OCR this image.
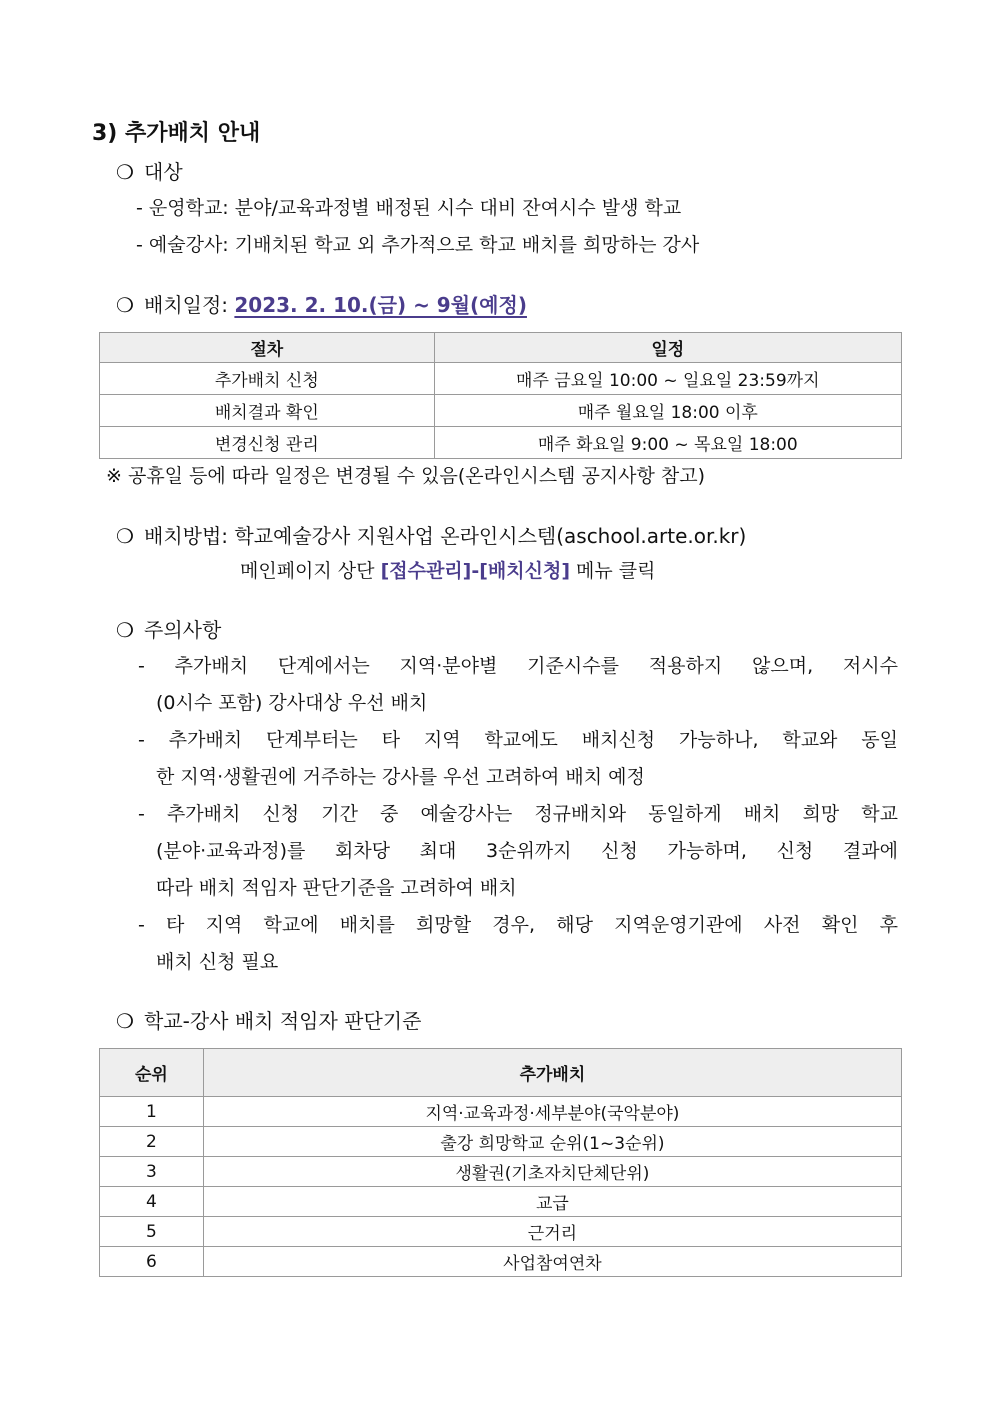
3) 추가배치 안내
❍ 대상
- 운영학교: 분야/교육과정별 배정된 시수 대비 잔여시수 발생 학교
- 예술강사: 기배치된 학교 외 추가적으로 학교 배치를 희망하는 강사
❍ 배치일정: 2023. 2. 10.(금) ~ 9월(예정)
절차	일정
추가배치 신청	매주 금요일 10:00 ~ 일요일 23:59까지
배치결과 확인	매주 월요일 18:00 이후
변경신청 관리	매주 화요일 9:00 ~ 목요일 18:00
※ 공휴일 등에 따라 일정은 변경될 수 있음(온라인시스템 공지사항 참고)
❍ 배치방법: 학교예술강사 지원사업 온라인시스템(aschool.arte.or.kr)
메인페이지 상단 [접수관리]-[배치신청] 메뉴 클릭
❍ 주의사항
- 추가배치 단계에서는 지역·분야별 기준시수를 적용하지 않으며, 저시수
(0시수 포함) 강사대상 우선 배치
- 추가배치 단계부터는 타 지역 학교에도 배치신청 가능하나, 학교와 동일
한 지역·생활권에 거주하는 강사를 우선 고려하여 배치 예정
- 추가배치 신청 기간 중 예술강사는 정규배치와 동일하게 배치 희망 학교
(분야·교육과정)를 회차당 최대 3순위까지 신청 가능하며, 신청 결과에
따라 배치 적임자 판단기준을 고려하여 배치
- 타 지역 학교에 배치를 희망할 경우, 해당 지역운영기관에 사전 확인 후
배치 신청 필요
❍ 학교-강사 배치 적임자 판단기준
순위	추가배치
1	지역·교육과정·세부분야(국악분야)
2	출강 희망학교 순위(1~3순위)
3	생활권(기초자치단체단위)
4	교급
5	근거리
6	사업참여연차
